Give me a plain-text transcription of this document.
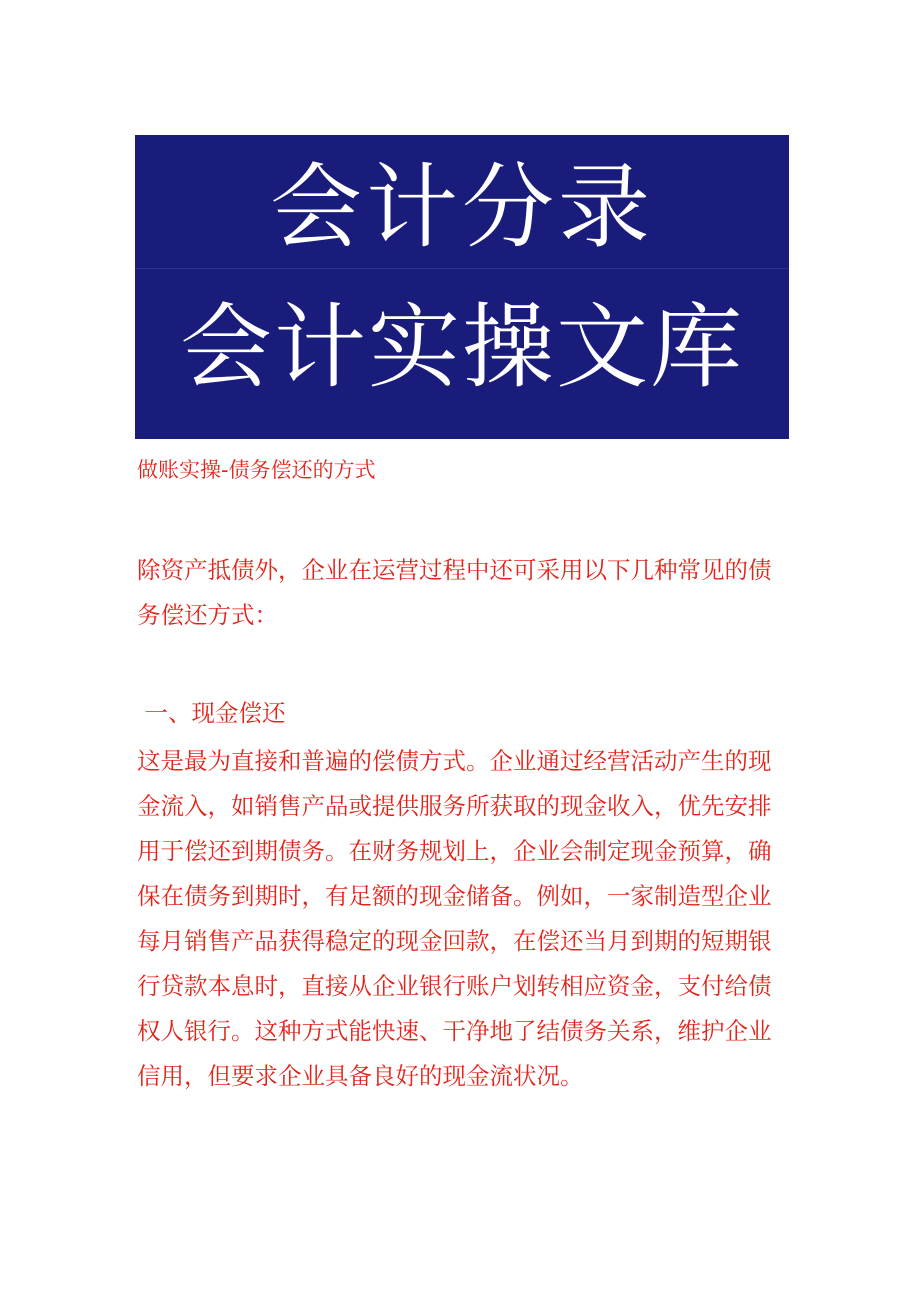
会计分录
会计实操文库
做账实操-债务偿还的方式

除资产抵债外，企业在运营过程中还可采用以下几种常见的债务偿还方式：

一、现金偿还

这是最为直接和普遍的偿债方式。企业通过经营活动产生的现金流入，如销售产品或提供服务所获取的现金收入，优先安排用于偿还到期债务。在财务规划上，企业会制定现金预算，确保在债务到期时，有足额的现金储备。例如，一家制造型企业每月销售产品获得稳定的现金回款，在偿还当月到期的短期银行贷款本息时，直接从企业银行账户划转相应资金，支付给债权人银行。这种方式能快速、干净地了结债务关系，维护企业信用，但要求企业具备良好的现金流状况。
